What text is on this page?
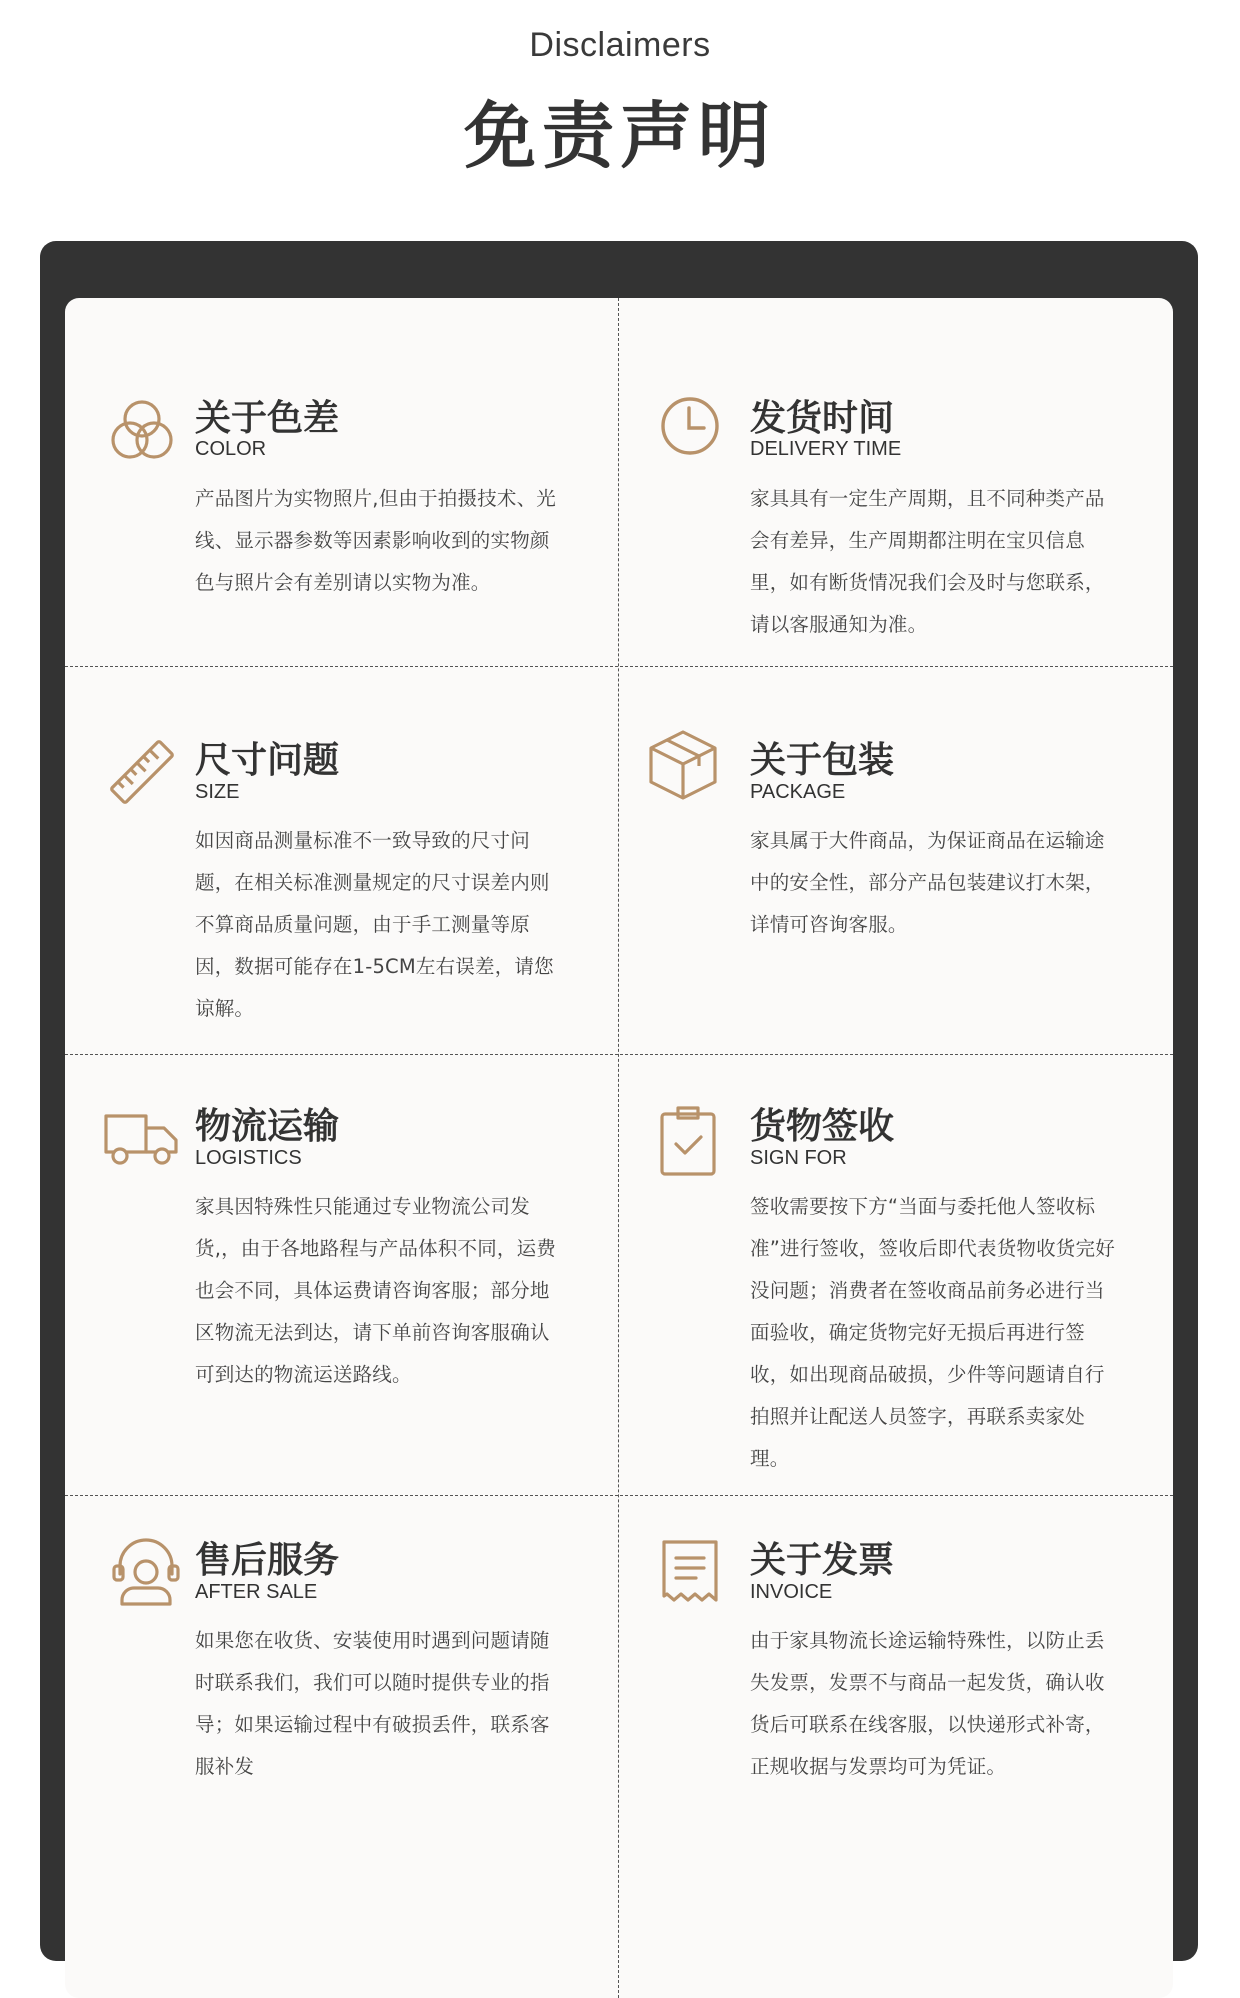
Disclaimers
免责声明
关于色差
COLOR
产品图片为实物照片,但由于拍摄技术、光线、显示器参数等因素影响收到的实物颜色与照片会有差别请以实物为准。
发货时间
DELIVERY TIME
家具具有一定生产周期，且不同种类产品会有差异，生产周期都注明在宝贝信息里，如有断货情况我们会及时与您联系，请以客服通知为准。
尺寸问题
SIZE
如因商品测量标准不一致导致的尺寸问题，在相关标准测量规定的尺寸误差内则不算商品质量问题，由于手工测量等原因，数据可能存在1-5CM左右误差，请您谅解。
关于包装
PACKAGE
家具属于大件商品，为保证商品在运输途中的安全性，部分产品包装建议打木架，详情可咨询客服。
物流运输
LOGISTICS
家具因特殊性只能通过专业物流公司发货,，由于各地路程与产品体积不同，运费也会不同，具体运费请咨询客服；部分地区物流无法到达，请下单前咨询客服确认可到达的物流运送路线。
货物签收
SIGN FOR
签收需要按下方“当面与委托他人签收标准”进行签收，签收后即代表货物收货完好没问题；消费者在签收商品前务必进行当面验收，确定货物完好无损后再进行签收，如出现商品破损，少件等问题请自行拍照并让配送人员签字，再联系卖家处理。
售后服务
AFTER SALE
如果您在收货、安装使用时遇到问题请随时联系我们，我们可以随时提供专业的指导；如果运输过程中有破损丢件，联系客服补发
关于发票
INVOICE
由于家具物流长途运输特殊性，以防止丢失发票，发票不与商品一起发货，确认收货后可联系在线客服，以快递形式补寄，正规收据与发票均可为凭证。
